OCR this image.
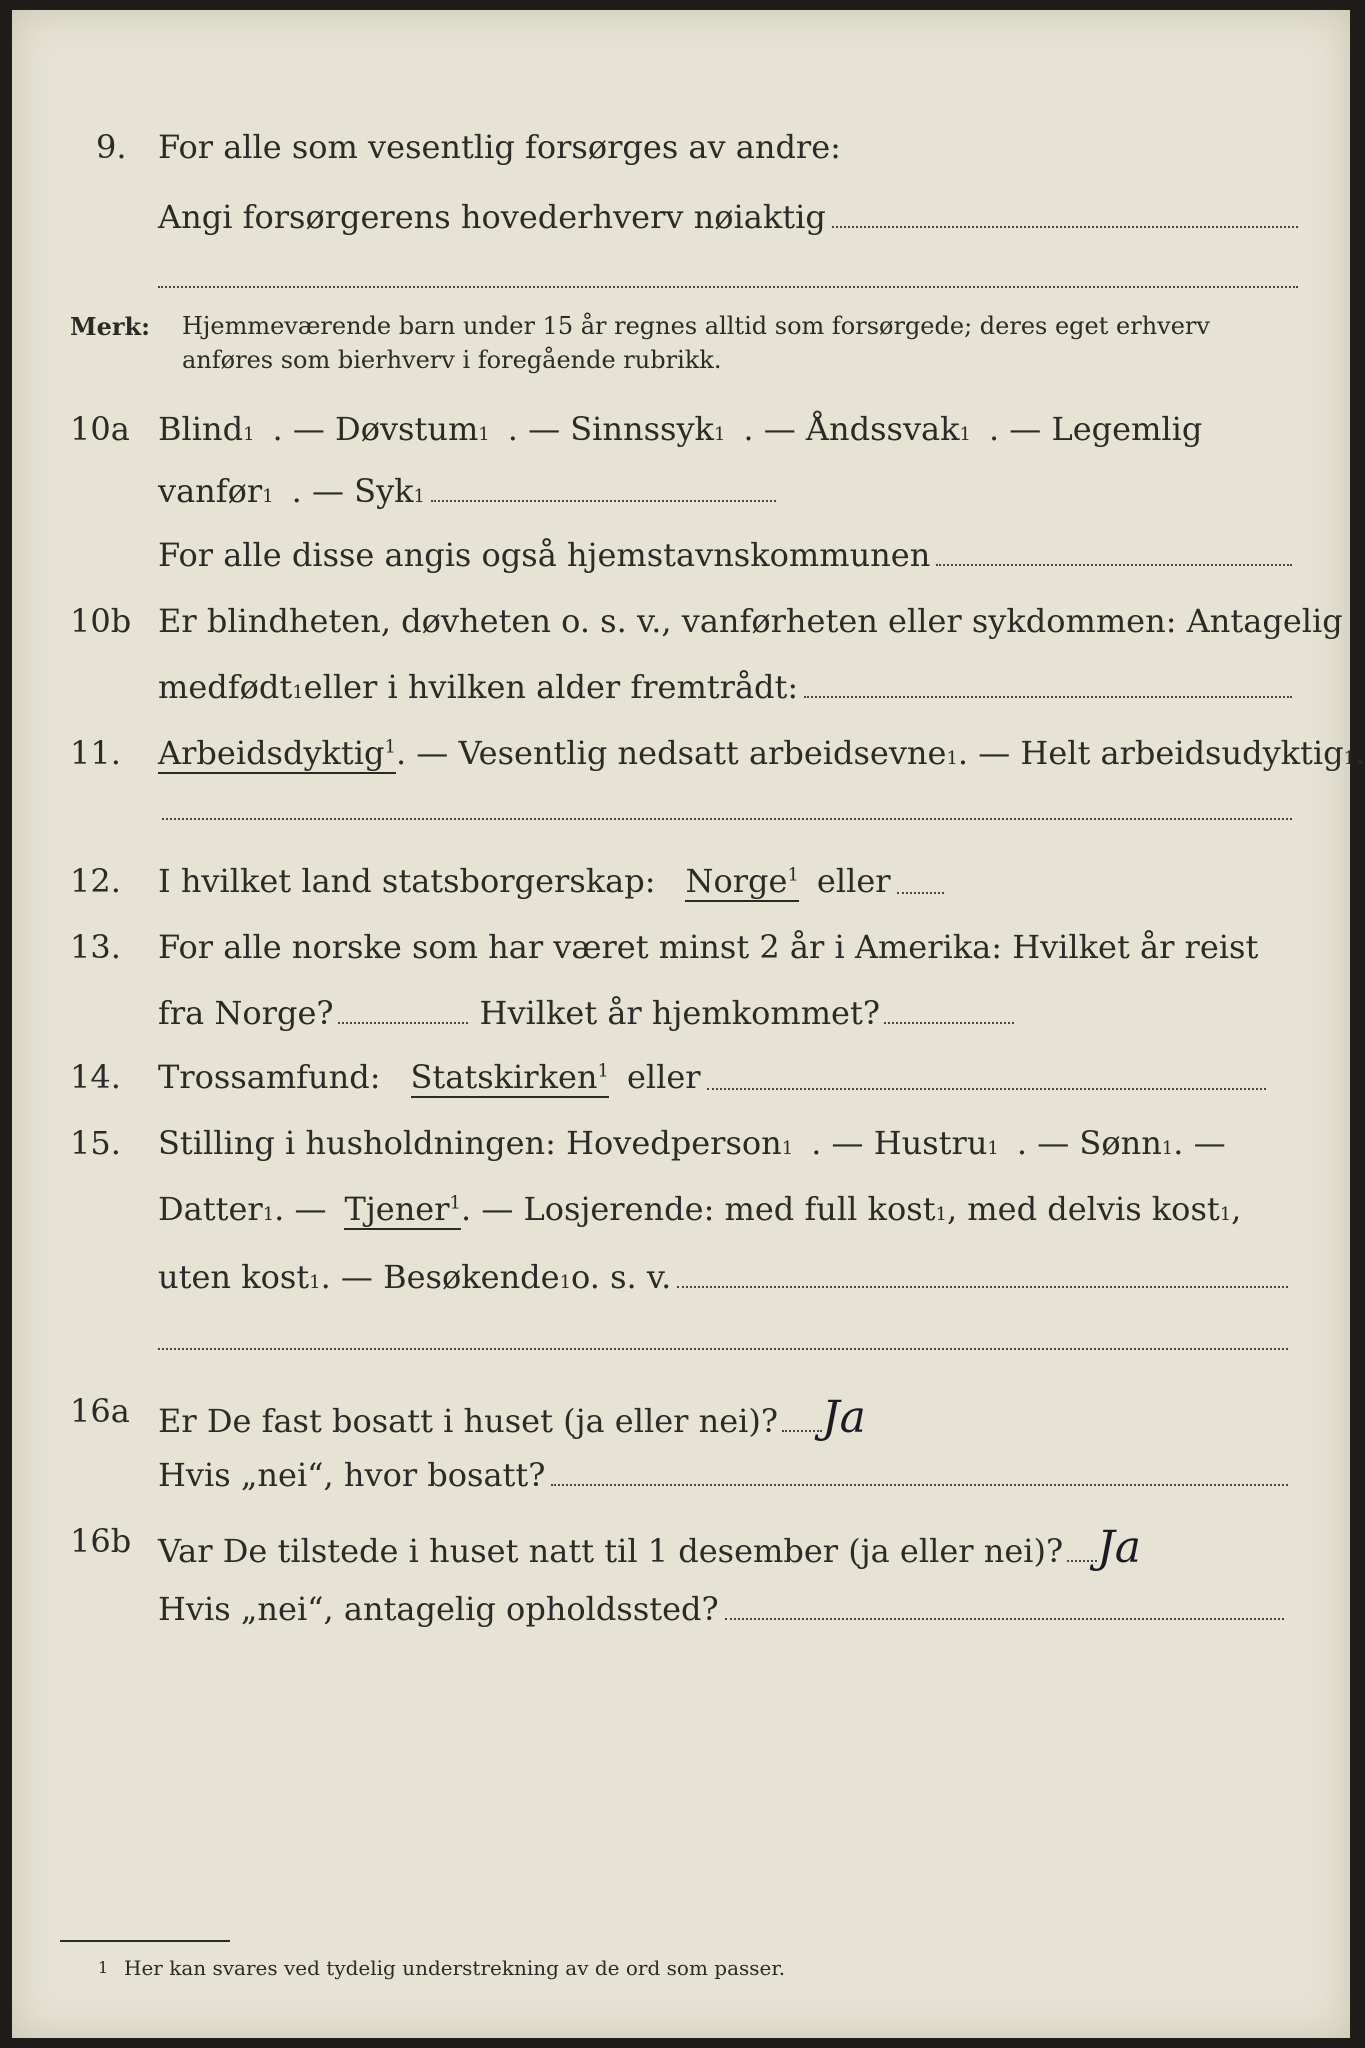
9. For alle som vesentlig forsørges av andre:
Angi forsørgerens hovederhverv nøiaktig
Merk: Hjemmeværende barn under 15 år regnes alltid som forsørgede; deres eget erhverv
anføres som bierhverv i foregående rubrikk.
10a Blind 1 . — Døvstum 1 . — Sinnssyk 1 . — Åndssvak 1 . — Legemlig
vanfør 1 . — Syk 1
For alle disse angis også hjemstavnskommunen
10b Er blindheten, døvheten o. s. v., vanførheten eller sykdommen: Antagelig
medfødt 1 eller i hvilken alder fremtrådt:
11. Arbeidsdyktig$^1$ . — Vesentlig nedsatt arbeidsevne 1 . — Helt arbeidsudyktig 1 .
12. I hvilket land statsborgerskap: Norge$^1$ eller
13. For alle norske som har været minst 2 år i Amerika: Hvilket år reist
fra Norge?	Hvilket år hjemkommet?
14. Trossamfund: Statskirken$^1$ eller
15. Stilling i husholdningen: Hovedperson 1 . — Hustru 1 . — Sønn 1 . —
Datter 1 . — Tjener$^1$ . — Losjerende: med full kost 1 , med delvis kost 1 ,
uten kost 1 . — Besøkende 1 o. s. v.
16a Er De fast bosatt i huset (ja eller nei)? Ja
Hvis „nei“, hvor bosatt?
16b Var De tilstede i huset natt til 1 desember (ja eller nei)? Ja
Hvis „nei“, antagelig opholdssted?
1 Her kan svares ved tydelig understrekning av de ord som passer.
